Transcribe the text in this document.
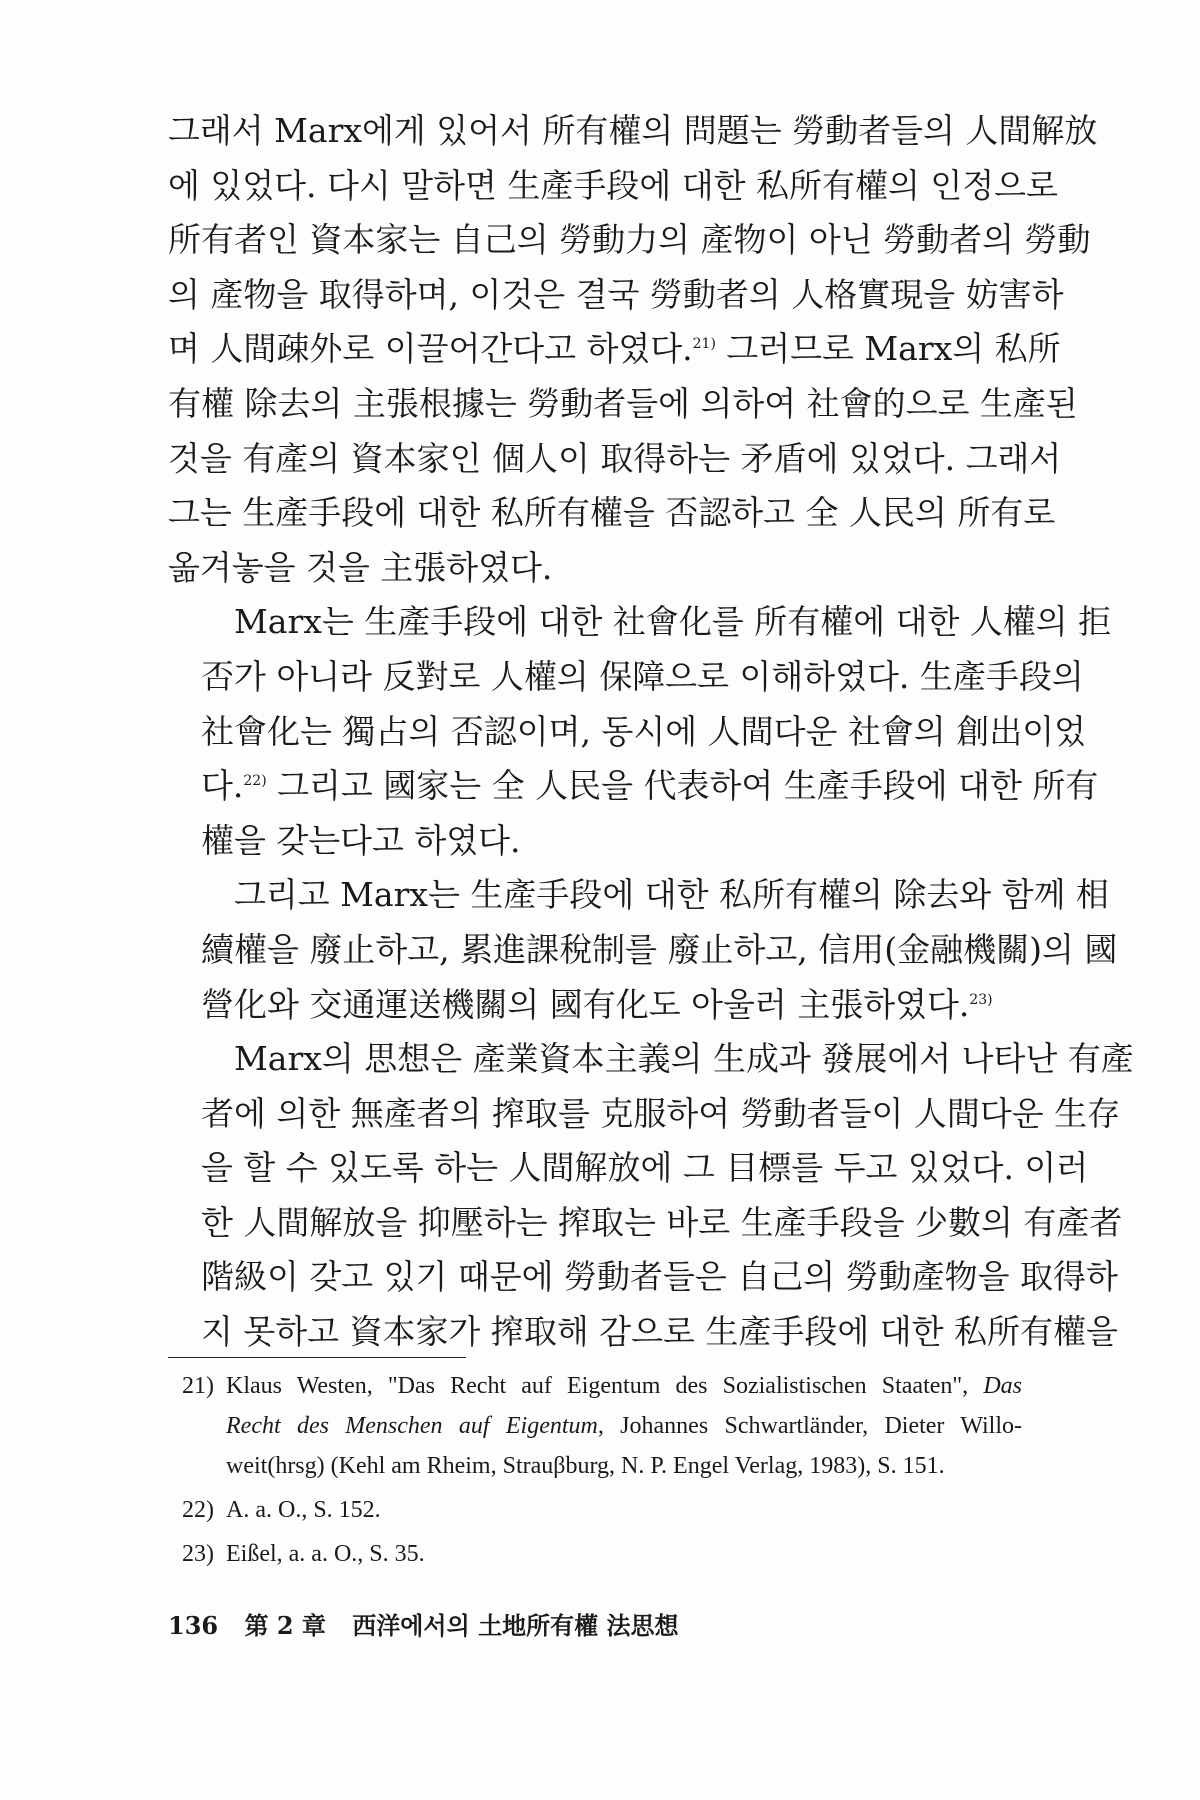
그래서 Marx에게 있어서 所有權의 問題는 勞動者들의 人間解放
에 있었다. 다시 말하면 生產手段에 대한 私所有權의 인정으로
所有者인 資本家는 自己의 勞動力의 產物이 아닌 勞動者의 勞動
의 產物을 取得하며, 이것은 결국 勞動者의 人格實現을 妨害하
며 人間疎外로 이끌어간다고 하였다.$^{21)}$ 그러므로 Marx의 私所
有權 除去의 主張根據는 勞動者들에 의하여 社會的으로 生產된
것을 有產의 資本家인 個人이 取得하는 矛盾에 있었다. 그래서
그는 生產手段에 대한 私所有權을 否認하고 全 人民의 所有로
옮겨놓을 것을 主張하였다.
Marx는 生產手段에 대한 社會化를 所有權에 대한 人權의 拒
否가 아니라 反對로 人權의 保障으로 이해하였다. 生產手段의
社會化는 獨占의 否認이며, 동시에 人間다운 社會의 創出이었
다.$^{22)}$ 그리고 國家는 全 人民을 代表하여 生產手段에 대한 所有
權을 갖는다고 하였다.
그리고 Marx는 生產手段에 대한 私所有權의 除去와 함께 相
續權을 廢止하고, 累進課稅制를 廢止하고, 信用(金融機關)의 國
營化와 交通運送機關의 國有化도 아울러 主張하였다.$^{23)}$
Marx의 思想은 產業資本主義의 生成과 發展에서 나타난 有產
者에 의한 無產者의 搾取를 克服하여 勞動者들이 人間다운 生存
을 할 수 있도록 하는 人間解放에 그 目標를 두고 있었다. 이러
한 人間解放을 抑壓하는 搾取는 바로 生產手段을 少數의 有產者
階級이 갖고 있기 때문에 勞動者들은 自己의 勞動產物을 取得하
지 못하고 資本家가 搾取해 감으로 生產手段에 대한 私所有權을
21) Klaus Westen, "Das Recht auf Eigentum des Sozialistischen Staaten", Das
Recht des Menschen auf Eigentum, Johannes Schwartländer, Dieter Willo-
weit(hrsg) (Kehl am Rheim, Strauβburg, N. P. Engel Verlag, 1983), S. 151.
22) A. a. O., S. 152.
23) Eißel, a. a. O., S. 35.
136 第 2 章 西洋에서의 土地所有權 法思想
